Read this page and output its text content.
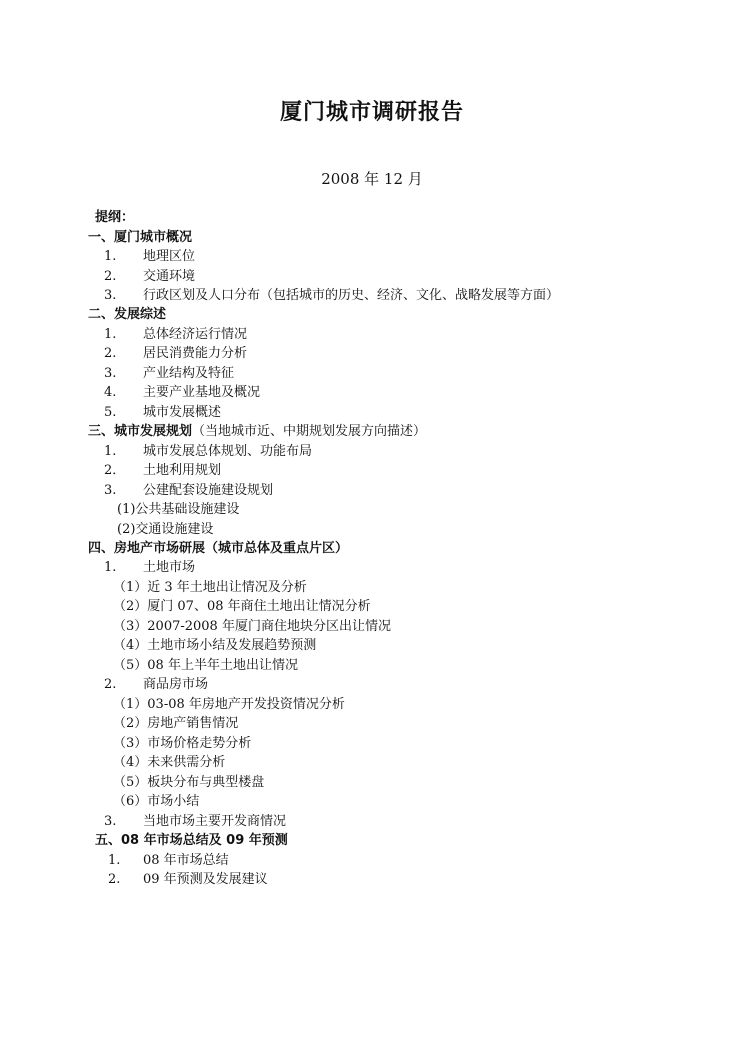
厦门城市调研报告
2008 年 12 月
提纲：
一、厦门城市概况
1. 地理区位
2. 交通环境
3. 行政区划及人口分布（包括城市的历史、经济、文化、战略发展等方面）
二、发展综述
1. 总体经济运行情况
2. 居民消费能力分析
3. 产业结构及特征
4. 主要产业基地及概况
5. 城市发展概述
三、城市发展规划（当地城市近、中期规划发展方向描述）
1. 城市发展总体规划、功能布局
2． 土地利用规划
3. 公建配套设施建设规划
(1)公共基础设施建设
(2)交通设施建设
四、房地产市场研展（城市总体及重点片区）
1. 土地市场
（1）近 3 年土地出让情况及分析
（2）厦门 07、08 年商住土地出让情况分析
（3）2007-2008 年厦门商住地块分区出让情况
（4）土地市场小结及发展趋势预测
（5）08 年上半年土地出让情况
2. 商品房市场
（1）03-08 年房地产开发投资情况分析
（2）房地产销售情况
（3）市场价格走势分析
（4）未来供需分析
（5）板块分布与典型楼盘
（6）市场小结
3. 当地市场主要开发商情况
五、08 年市场总结及 09 年预测
1. 08 年市场总结
2. 09 年预测及发展建议
